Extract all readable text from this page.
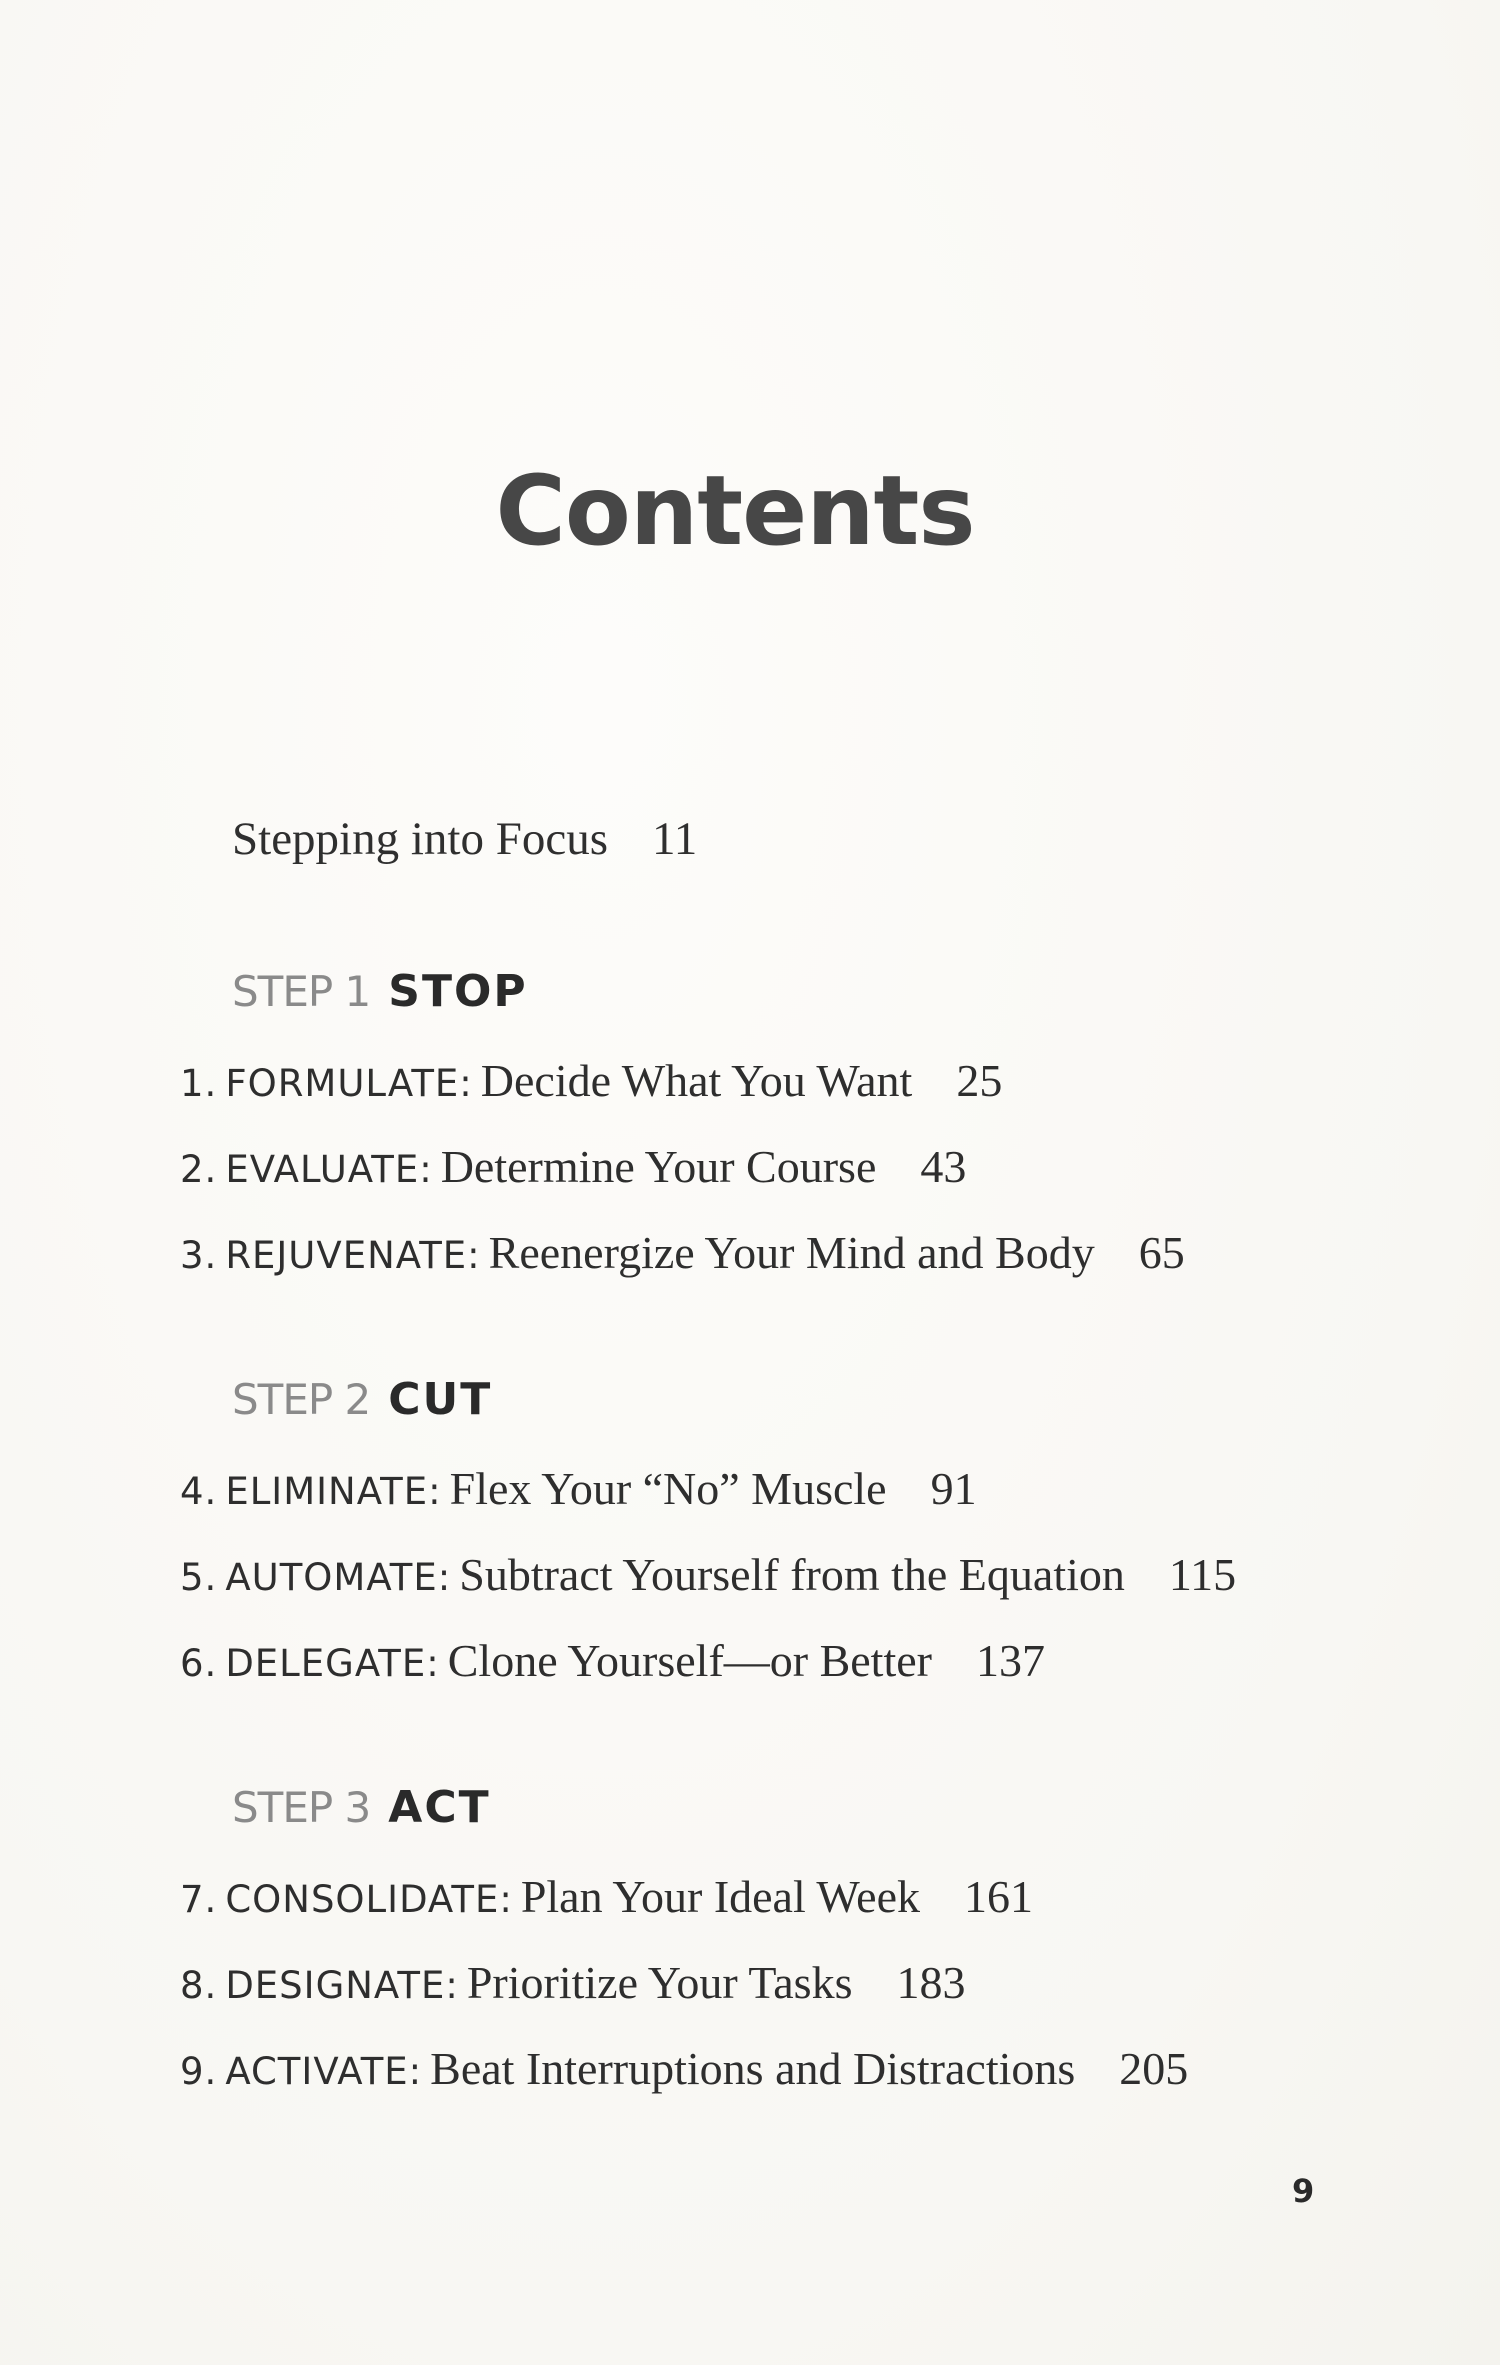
Contents
Stepping into Focus 11
STEP 1 STOP
1. FORMULATE: Decide What You Want 25
2. EVALUATE: Determine Your Course 43
3. REJUVENATE: Reenergize Your Mind and Body 65
STEP 2 CUT
4. ELIMINATE: Flex Your “No” Muscle 91
5. AUTOMATE: Subtract Yourself from the Equation 115
6. DELEGATE: Clone Yourself—or Better 137
STEP 3 ACT
7. CONSOLIDATE: Plan Your Ideal Week 161
8. DESIGNATE: Prioritize Your Tasks 183
9. ACTIVATE: Beat Interruptions and Distractions 205
9
